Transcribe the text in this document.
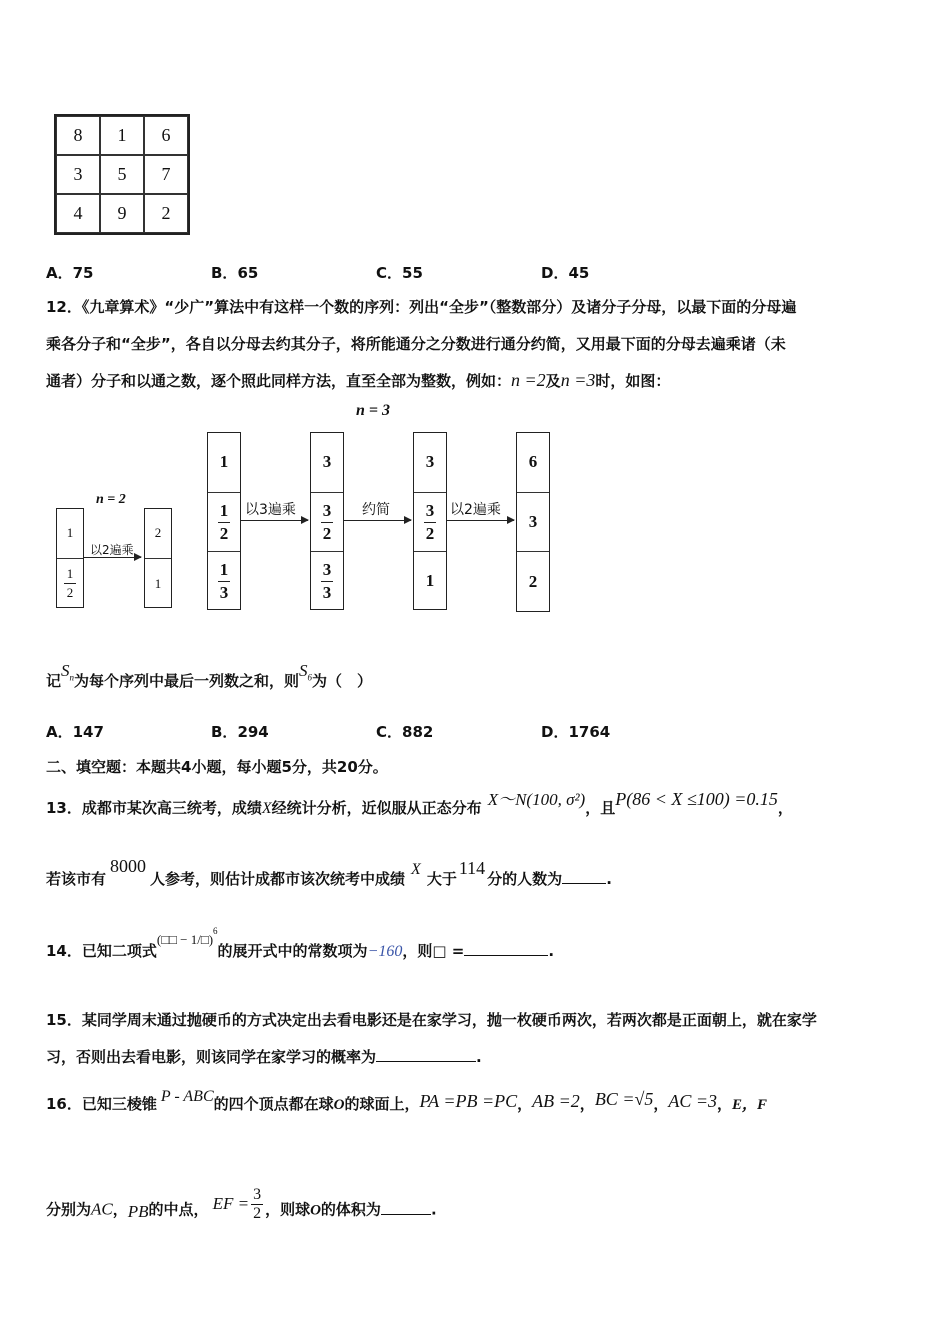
8	1	6
3	5	7
4	9	2
A．75	B．65	C．55	D．45
12．《九章算术》“少广”算法中有这样一个数的序列：列出“全步”（整数部分）及诸分子分母，以最下面的分母遍
乘各分子和“全步”，各自以分母去约其分子，将所能通分之分数进行通分约简，又用最下面的分母去遍乘诸（未
通者）分子和以通之数，逐个照此同样方法，直至全部为整数，例如：n =2及n =3时，如图：
n = 3
n = 2
1
$\frac{1}{2}$
以2遍乘
2
1
1
$\frac{1}{2}$
$\frac{1}{3}$
以3遍乘
3
$\frac{3}{2}$
$\frac{3}{3}$
约简
3
$\frac{3}{2}$
1
以2遍乘
6
3
2
记$S_n$为每个序列中最后一列数之和，则$S_6$为（　）
A．147	B．294	C．882	D．1764
二、填空题：本题共4小题，每小题5分，共20分。
13．成都市某次高三统考，成绩X经统计分析，近似服从正态分布 X～N(100, σ²)，且P(86 < X ≤100) =0.15，
若该市有8000人参考，则估计成都市该次统考中成绩X大于114分的人数为	.
14．已知二项式(□□ − 1/□)$^6$的展开式中的常数项为−160，则□ =	.
15．某同学周末通过抛硬币的方式决定出去看电影还是在家学习，抛一枚硬币两次，若两次都是正面朝上，就在家学
习，否则出去看电影，则该同学在家学习的概率为	.
16．已知三棱锥 P - ABC的四个顶点都在球O的球面上，PA =PB =PC，AB =2，BC =√5，AC =3，E，F
分别为AC，PB的中点， EF = $\frac{3}{2}$ ，则球O的体积为	.
